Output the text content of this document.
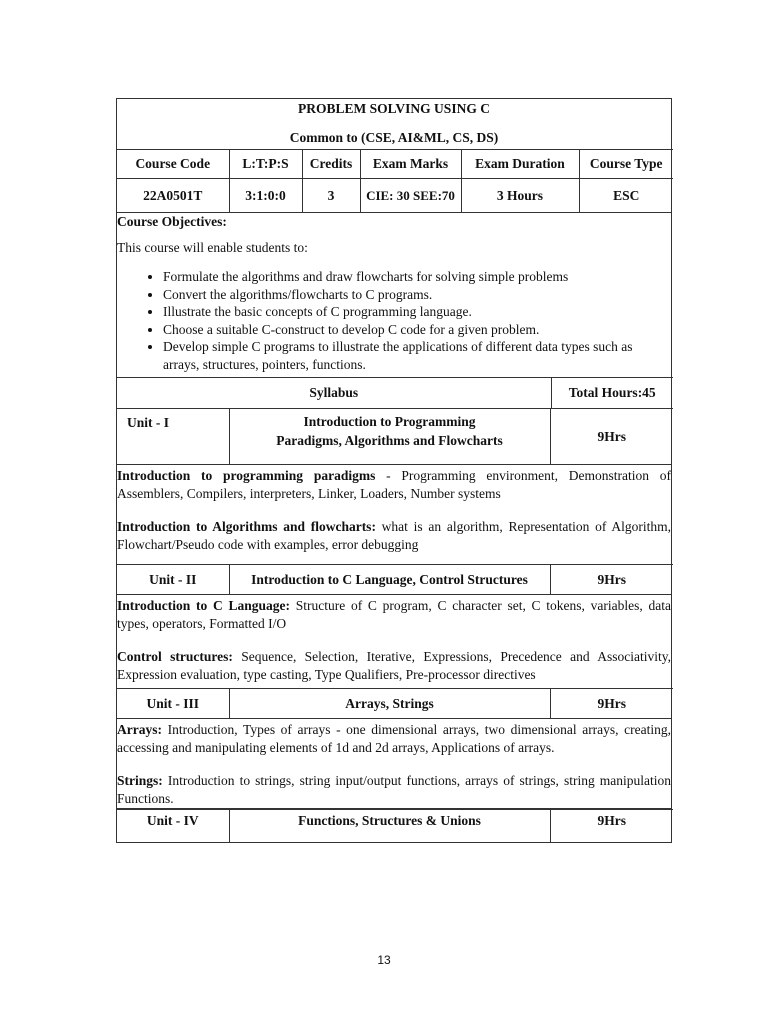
PROBLEM SOLVING USING C
Common to (CSE, AI&ML, CS, DS)
Course Code	L:T:P:S	Credits	Exam Marks	Exam Duration	Course Type
22A0501T	3:1:0:0	3	CIE: 30 SEE:70	3 Hours	ESC
Course Objectives:
This course will enable students to:
• Formulate the algorithms and draw flowcharts for solving simple problems
• Convert the algorithms/flowcharts to C programs.
• Illustrate the basic concepts of C programming language.
• Choose a suitable C-construct to develop C code for a given problem.
• Develop simple C programs to illustrate the applications of different data types such as arrays, structures, pointers, functions.
Syllabus	Total Hours:45
Unit - I	Introduction to Programming Paradigms, Algorithms and Flowcharts	9Hrs
Introduction to programming paradigms - Programming environment, Demonstration of Assemblers, Compilers, interpreters, Linker, Loaders, Number systems
Introduction to Algorithms and flowcharts: what is an algorithm, Representation of Algorithm, Flowchart/Pseudo code with examples, error debugging
Unit - II	Introduction to C Language, Control Structures	9Hrs
Introduction to C Language: Structure of C program, C character set, C tokens, variables, data types, operators, Formatted I/O
Control structures: Sequence, Selection, Iterative, Expressions, Precedence and Associativity, Expression evaluation, type casting, Type Qualifiers, Pre-processor directives
Unit - III	Arrays, Strings	9Hrs
Arrays: Introduction, Types of arrays - one dimensional arrays, two dimensional arrays, creating, accessing and manipulating elements of 1d and 2d arrays, Applications of arrays.
Strings: Introduction to strings, string input/output functions, arrays of strings, string manipulation Functions.
Unit - IV	Functions, Structures & Unions	9Hrs
13
